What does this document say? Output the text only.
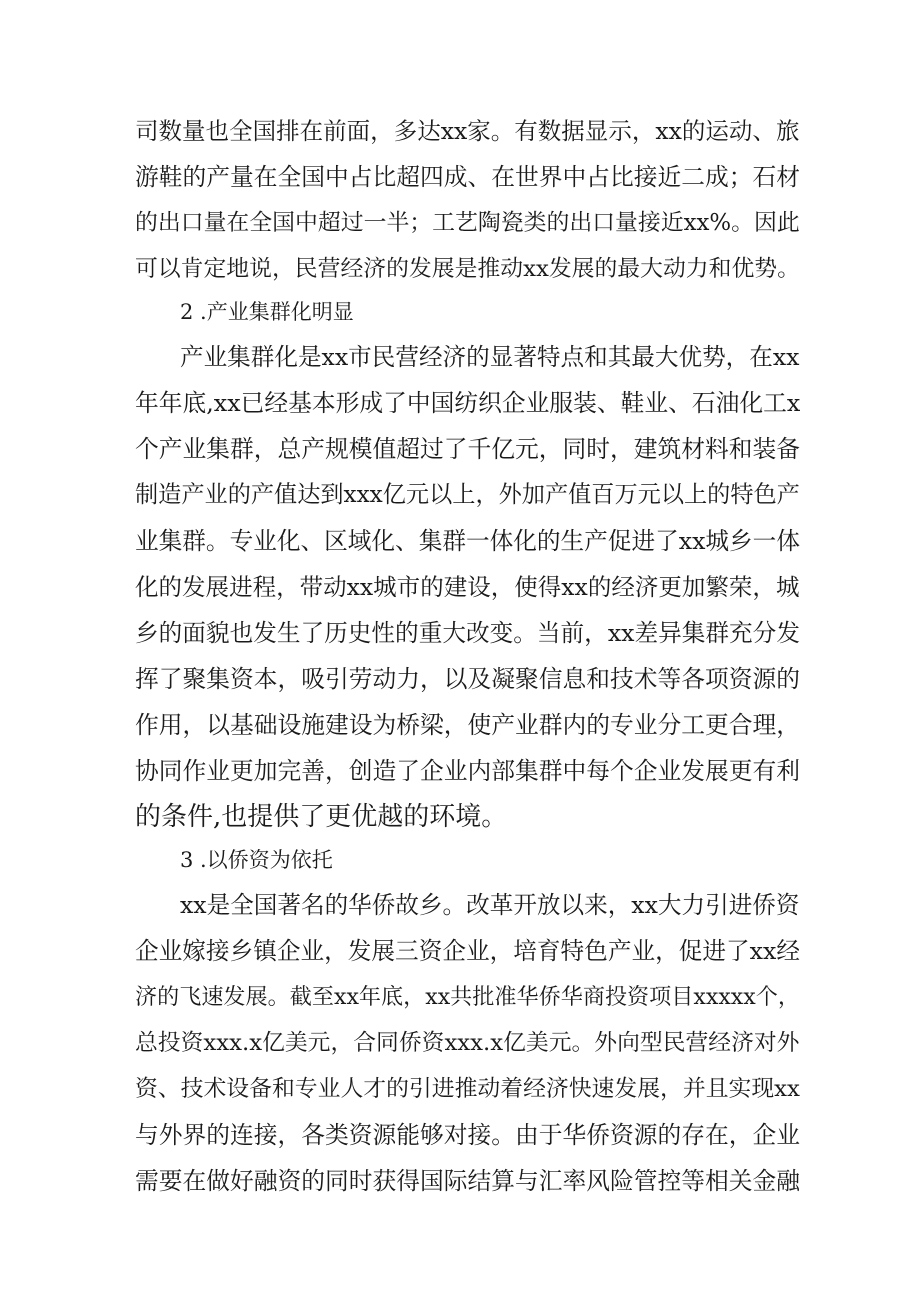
司数量也全国排在前面，多达xx家。有数据显示，xx的运动、旅

游鞋的产量在全国中占比超四成、在世界中占比接近二成；石材

的出口量在全国中超过一半；工艺陶瓷类的出口量接近xx%。因此

可以肯定地说，民营经济的发展是推动xx发展的最大动力和优势。

2 .产业集群化明显

产业集群化是xx市民营经济的显著特点和其最大优势，在xx

年年底,xx已经基本形成了中国纺织企业服装、鞋业、石油化工x

个产业集群，总产规模值超过了千亿元，同时，建筑材料和装备

制造产业的产值达到xxx亿元以上，外加产值百万元以上的特色产

业集群。专业化、区域化、集群一体化的生产促进了xx城乡一体

化的发展进程，带动xx城市的建设，使得xx的经济更加繁荣，城

乡的面貌也发生了历史性的重大改变。当前，xx差异集群充分发

挥了聚集资本，吸引劳动力，以及凝聚信息和技术等各项资源的

作用，以基础设施建设为桥梁，使产业群内的专业分工更合理，

协同作业更加完善，创造了企业内部集群中每个企业发展更有利

的条件,也提供了更优越的环境。

3 .以侨资为依托

xx是全国著名的华侨故乡。改革开放以来，xx大力引进侨资

企业嫁接乡镇企业，发展三资企业，培育特色产业，促进了xx经

济的飞速发展。截至xx年底，xx共批准华侨华商投资项目xxxxx个，

总投资xxx.x亿美元，合同侨资xxx.x亿美元。外向型民营经济对外

资、技术设备和专业人才的引进推动着经济快速发展，并且实现xx

与外界的连接，各类资源能够对接。由于华侨资源的存在，企业

需要在做好融资的同时获得国际结算与汇率风险管控等相关金融
